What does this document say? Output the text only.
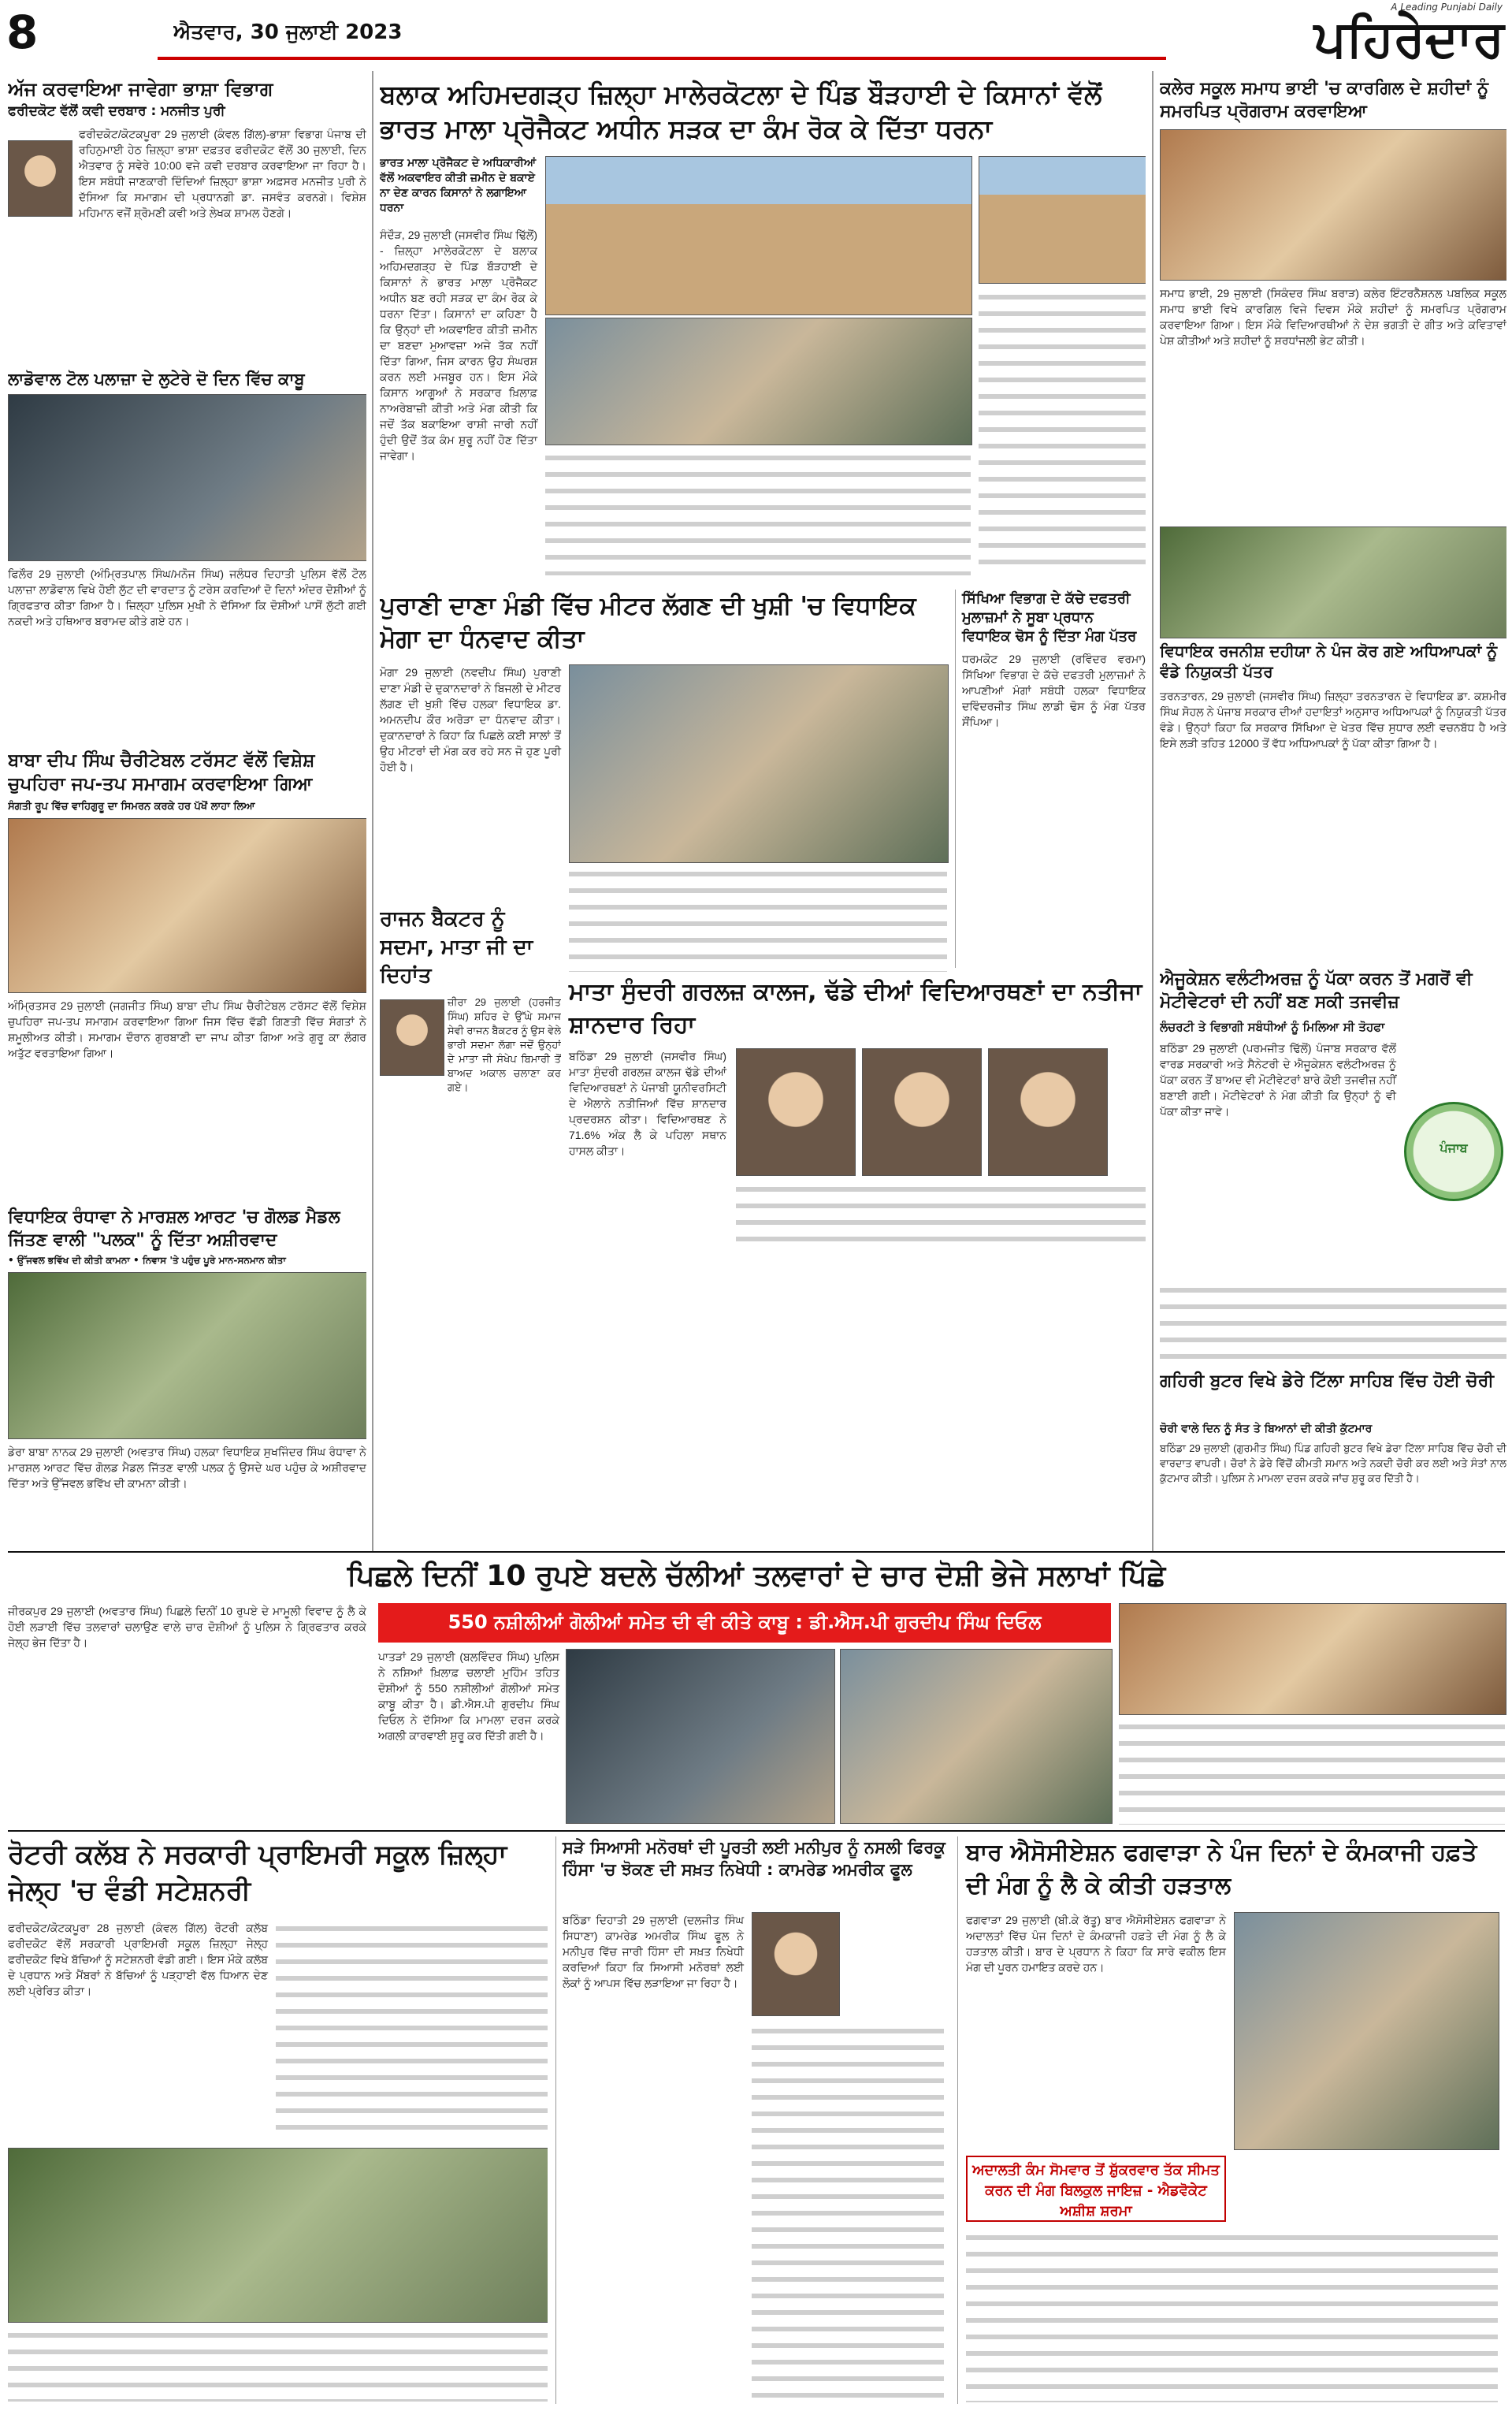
8	ਐਤਵਾਰ, 30 ਜੁਲਾਈ 2023
A Leading Punjabi Daily
ਪਹਿਰੇਦਾਰ
ਅੱਜ ਕਰਵਾਇਆ ਜਾਵੇਗਾ ਭਾਸ਼ਾ ਵਿਭਾਗ
ਫਰੀਦਕੋਟ ਵੱਲੋਂ ਕਵੀ ਦਰਬਾਰ : ਮਨਜੀਤ ਪੁਰੀ
ਫਰੀਦਕੋਟ/ਕੋਟਕਪੂਰਾ 29 ਜੁਲਾਈ (ਕੰਵਲ ਗਿੱਲ)-ਭਾਸ਼ਾ ਵਿਭਾਗ ਪੰਜਾਬ ਦੀ ਰਹਿਨੁਮਾਈ ਹੇਠ ਜ਼ਿਲ੍ਹਾ ਭਾਸ਼ਾ ਦਫ਼ਤਰ ਫਰੀਦਕੋਟ ਵੱਲੋਂ 30 ਜੁਲਾਈ, ਦਿਨ ਐਤਵਾਰ ਨੂੰ ਸਵੇਰੇ 10:00 ਵਜੇ ਕਵੀ ਦਰਬਾਰ ਕਰਵਾਇਆ ਜਾ ਰਿਹਾ ਹੈ। ਇਸ ਸਬੰਧੀ ਜਾਣਕਾਰੀ ਦਿੰਦਿਆਂ ਜ਼ਿਲ੍ਹਾ ਭਾਸ਼ਾ ਅਫ਼ਸਰ ਮਨਜੀਤ ਪੁਰੀ ਨੇ ਦੱਸਿਆ ਕਿ ਸਮਾਗਮ ਦੀ ਪ੍ਰਧਾਨਗੀ ਡਾ. ਜਸਵੰਤ ਕਰਨਗੇ। ਵਿਸ਼ੇਸ਼ ਮਹਿਮਾਨ ਵਜੋਂ ਸ਼੍ਰੋਮਣੀ ਕਵੀ ਅਤੇ ਲੇਖਕ ਸ਼ਾਮਲ ਹੋਣਗੇ।
ਲਾਡੋਵਾਲ ਟੋਲ ਪਲਾਜ਼ਾ ਦੇ ਲੁਟੇਰੇ ਦੋ ਦਿਨ ਵਿੱਚ ਕਾਬੂ
ਫਿਲੌਰ 29 ਜੁਲਾਈ (ਅੰਮ੍ਰਿਤਪਾਲ ਸਿੰਘ/ਮਨੋਜ ਸਿੰਘ) ਜਲੰਧਰ ਦਿਹਾਤੀ ਪੁਲਿਸ ਵੱਲੋਂ ਟੋਲ ਪਲਾਜ਼ਾ ਲਾਡੋਵਾਲ ਵਿਖੇ ਹੋਈ ਲੁੱਟ ਦੀ ਵਾਰਦਾਤ ਨੂੰ ਟਰੇਸ ਕਰਦਿਆਂ ਦੋ ਦਿਨਾਂ ਅੰਦਰ ਦੋਸ਼ੀਆਂ ਨੂੰ ਗ੍ਰਿਫਤਾਰ ਕੀਤਾ ਗਿਆ ਹੈ। ਜ਼ਿਲ੍ਹਾ ਪੁਲਿਸ ਮੁਖੀ ਨੇ ਦੱਸਿਆ ਕਿ ਦੋਸ਼ੀਆਂ ਪਾਸੋਂ ਲੁੱਟੀ ਗਈ ਨਕਦੀ ਅਤੇ ਹਥਿਆਰ ਬਰਾਮਦ ਕੀਤੇ ਗਏ ਹਨ।
ਬਾਬਾ ਦੀਪ ਸਿੰਘ ਚੈਰੀਟੇਬਲ ਟਰੱਸਟ ਵੱਲੋਂ ਵਿਸ਼ੇਸ਼ ਚੁਪਹਿਰਾ ਜਪ-ਤਪ ਸਮਾਗਮ ਕਰਵਾਇਆ ਗਿਆ
ਸੰਗਤੀ ਰੂਪ ਵਿੱਚ ਵਾਹਿਗੁਰੂ ਦਾ ਸਿਮਰਨ ਕਰਕੇ ਹਰ ਪੱਖੋਂ ਲਾਹਾ ਲਿਆ
ਅੰਮ੍ਰਿਤਸਰ 29 ਜੁਲਾਈ (ਜਗਜੀਤ ਸਿੰਘ) ਬਾਬਾ ਦੀਪ ਸਿੰਘ ਚੈਰੀਟੇਬਲ ਟਰੱਸਟ ਵੱਲੋਂ ਵਿਸ਼ੇਸ਼ ਚੁਪਹਿਰਾ ਜਪ-ਤਪ ਸਮਾਗਮ ਕਰਵਾਇਆ ਗਿਆ ਜਿਸ ਵਿੱਚ ਵੱਡੀ ਗਿਣਤੀ ਵਿੱਚ ਸੰਗਤਾਂ ਨੇ ਸ਼ਮੂਲੀਅਤ ਕੀਤੀ। ਸਮਾਗਮ ਦੌਰਾਨ ਗੁਰਬਾਣੀ ਦਾ ਜਾਪ ਕੀਤਾ ਗਿਆ ਅਤੇ ਗੁਰੂ ਕਾ ਲੰਗਰ ਅਤੁੱਟ ਵਰਤਾਇਆ ਗਿਆ।
ਵਿਧਾਇਕ ਰੰਧਾਵਾ ਨੇ ਮਾਰਸ਼ਲ ਆਰਟ 'ਚ ਗੋਲਡ ਮੈਡਲ ਜਿੱਤਣ ਵਾਲੀ "ਪਲਕ" ਨੂੰ ਦਿੱਤਾ ਅਸ਼ੀਰਵਾਦ
• ਉੱਜਵਲ ਭਵਿੱਖ ਦੀ ਕੀਤੀ ਕਾਮਨਾ • ਨਿਵਾਸ 'ਤੇ ਪਹੁੰਚ ਪੂਰੇ ਮਾਨ-ਸਨਮਾਨ ਕੀਤਾ
ਡੇਰਾ ਬਾਬਾ ਨਾਨਕ 29 ਜੁਲਾਈ (ਅਵਤਾਰ ਸਿੰਘ) ਹਲਕਾ ਵਿਧਾਇਕ ਸੁਖਜਿੰਦਰ ਸਿੰਘ ਰੰਧਾਵਾ ਨੇ ਮਾਰਸ਼ਲ ਆਰਟ ਵਿੱਚ ਗੋਲਡ ਮੈਡਲ ਜਿੱਤਣ ਵਾਲੀ ਪਲਕ ਨੂੰ ਉਸਦੇ ਘਰ ਪਹੁੰਚ ਕੇ ਅਸ਼ੀਰਵਾਦ ਦਿੱਤਾ ਅਤੇ ਉੱਜਵਲ ਭਵਿੱਖ ਦੀ ਕਾਮਨਾ ਕੀਤੀ।
ਬਲਾਕ ਅਹਿਮਦਗੜ੍ਹ ਜ਼ਿਲ੍ਹਾ ਮਾਲੇਰਕੋਟਲਾ ਦੇ ਪਿੰਡ ਬੌੜਹਾਈ ਦੇ ਕਿਸਾਨਾਂ ਵੱਲੋਂ ਭਾਰਤ ਮਾਲਾ ਪ੍ਰੋਜੈਕਟ ਅਧੀਨ ਸੜਕ ਦਾ ਕੰਮ ਰੋਕ ਕੇ ਦਿੱਤਾ ਧਰਨਾ
ਭਾਰਤ ਮਾਲਾ ਪ੍ਰੋਜੈਕਟ ਦੇ ਅਧਿਕਾਰੀਆਂ ਵੱਲੋਂ ਅਕਵਾਇਰ ਕੀਤੀ ਜ਼ਮੀਨ ਦੇ ਬਕਾਏ ਨਾ ਦੇਣ ਕਾਰਨ ਕਿਸਾਨਾਂ ਨੇ ਲਗਾਇਆ ਧਰਨਾ
ਸੰਦੌੜ, 29 ਜੁਲਾਈ (ਜਸਵੀਰ ਸਿੰਘ ਢਿੱਲੋਂ) - ਜ਼ਿਲ੍ਹਾ ਮਾਲੇਰਕੋਟਲਾ ਦੇ ਬਲਾਕ ਅਹਿਮਦਗੜ੍ਹ ਦੇ ਪਿੰਡ ਬੌੜਹਾਈ ਦੇ ਕਿਸਾਨਾਂ ਨੇ ਭਾਰਤ ਮਾਲਾ ਪ੍ਰੋਜੈਕਟ ਅਧੀਨ ਬਣ ਰਹੀ ਸੜਕ ਦਾ ਕੰਮ ਰੋਕ ਕੇ ਧਰਨਾ ਦਿੱਤਾ। ਕਿਸਾਨਾਂ ਦਾ ਕਹਿਣਾ ਹੈ ਕਿ ਉਨ੍ਹਾਂ ਦੀ ਅਕਵਾਇਰ ਕੀਤੀ ਜ਼ਮੀਨ ਦਾ ਬਣਦਾ ਮੁਆਵਜ਼ਾ ਅਜੇ ਤੱਕ ਨਹੀਂ ਦਿੱਤਾ ਗਿਆ, ਜਿਸ ਕਾਰਨ ਉਹ ਸੰਘਰਸ਼ ਕਰਨ ਲਈ ਮਜਬੂਰ ਹਨ। ਇਸ ਮੌਕੇ ਕਿਸਾਨ ਆਗੂਆਂ ਨੇ ਸਰਕਾਰ ਖ਼ਿਲਾਫ਼ ਨਾਅਰੇਬਾਜ਼ੀ ਕੀਤੀ ਅਤੇ ਮੰਗ ਕੀਤੀ ਕਿ ਜਦੋਂ ਤੱਕ ਬਕਾਇਆ ਰਾਸ਼ੀ ਜਾਰੀ ਨਹੀਂ ਹੁੰਦੀ ਉਦੋਂ ਤੱਕ ਕੰਮ ਸ਼ੁਰੂ ਨਹੀਂ ਹੋਣ ਦਿੱਤਾ ਜਾਵੇਗਾ।
ਪੁਰਾਣੀ ਦਾਣਾ ਮੰਡੀ ਵਿੱਚ ਮੀਟਰ ਲੱਗਣ ਦੀ ਖੁਸ਼ੀ 'ਚ ਵਿਧਾਇਕ ਮੋਗਾ ਦਾ ਧੰਨਵਾਦ ਕੀਤਾ
ਮੋਗਾ 29 ਜੁਲਾਈ (ਨਵਦੀਪ ਸਿੰਘ) ਪੁਰਾਣੀ ਦਾਣਾ ਮੰਡੀ ਦੇ ਦੁਕਾਨਦਾਰਾਂ ਨੇ ਬਿਜਲੀ ਦੇ ਮੀਟਰ ਲੱਗਣ ਦੀ ਖੁਸ਼ੀ ਵਿੱਚ ਹਲਕਾ ਵਿਧਾਇਕ ਡਾ. ਅਮਨਦੀਪ ਕੌਰ ਅਰੋੜਾ ਦਾ ਧੰਨਵਾਦ ਕੀਤਾ। ਦੁਕਾਨਦਾਰਾਂ ਨੇ ਕਿਹਾ ਕਿ ਪਿਛਲੇ ਕਈ ਸਾਲਾਂ ਤੋਂ ਉਹ ਮੀਟਰਾਂ ਦੀ ਮੰਗ ਕਰ ਰਹੇ ਸਨ ਜੋ ਹੁਣ ਪੂਰੀ ਹੋਈ ਹੈ।
ਸਿੱਖਿਆ ਵਿਭਾਗ ਦੇ ਕੱਚੇ ਦਫਤਰੀ ਮੁਲਾਜ਼ਮਾਂ ਨੇ ਸੂਬਾ ਪ੍ਰਧਾਨ ਵਿਧਾਇਕ ਢੋਸ ਨੂੰ ਦਿੱਤਾ ਮੰਗ ਪੱਤਰ
ਧਰਮਕੋਟ 29 ਜੁਲਾਈ (ਰਵਿੰਦਰ ਵਰਮਾ) ਸਿੱਖਿਆ ਵਿਭਾਗ ਦੇ ਕੱਚੇ ਦਫਤਰੀ ਮੁਲਾਜ਼ਮਾਂ ਨੇ ਆਪਣੀਆਂ ਮੰਗਾਂ ਸਬੰਧੀ ਹਲਕਾ ਵਿਧਾਇਕ ਦਵਿੰਦਰਜੀਤ ਸਿੰਘ ਲਾਡੀ ਢੋਸ ਨੂੰ ਮੰਗ ਪੱਤਰ ਸੌਂਪਿਆ।
ਰਾਜਨ ਬੈਕਟਰ ਨੂੰ ਸਦਮਾ, ਮਾਤਾ ਜੀ ਦਾ ਦਿਹਾਂਤ
ਜ਼ੀਰਾ 29 ਜੁਲਾਈ (ਹਰਜੀਤ ਸਿੰਘ) ਸ਼ਹਿਰ ਦੇ ਉੱਘੇ ਸਮਾਜ ਸੇਵੀ ਰਾਜਨ ਬੈਕਟਰ ਨੂੰ ਉਸ ਵੇਲੇ ਭਾਰੀ ਸਦਮਾ ਲੱਗਾ ਜਦੋਂ ਉਨ੍ਹਾਂ ਦੇ ਮਾਤਾ ਜੀ ਸੰਖੇਪ ਬਿਮਾਰੀ ਤੋਂ ਬਾਅਦ ਅਕਾਲ ਚਲਾਣਾ ਕਰ ਗਏ।
ਮਾਤਾ ਸੁੰਦਰੀ ਗਰਲਜ਼ ਕਾਲਜ, ਢੱਡੇ ਦੀਆਂ ਵਿਦਿਆਰਥਣਾਂ ਦਾ ਨਤੀਜਾ ਸ਼ਾਨਦਾਰ ਰਿਹਾ
ਬਠਿੰਡਾ 29 ਜੁਲਾਈ (ਜਸਵੀਰ ਸਿੰਘ) ਮਾਤਾ ਸੁੰਦਰੀ ਗਰਲਜ਼ ਕਾਲਜ ਢੱਡੇ ਦੀਆਂ ਵਿਦਿਆਰਥਣਾਂ ਨੇ ਪੰਜਾਬੀ ਯੂਨੀਵਰਸਿਟੀ ਦੇ ਐਲਾਨੇ ਨਤੀਜਿਆਂ ਵਿੱਚ ਸ਼ਾਨਦਾਰ ਪ੍ਰਦਰਸ਼ਨ ਕੀਤਾ। ਵਿਦਿਆਰਥਣ ਨੇ 71.6% ਅੰਕ ਲੈ ਕੇ ਪਹਿਲਾ ਸਥਾਨ ਹਾਸਲ ਕੀਤਾ।
ਕਲੇਰ ਸਕੂਲ ਸਮਾਧ ਭਾਈ 'ਚ ਕਾਰਗਿਲ ਦੇ ਸ਼ਹੀਦਾਂ ਨੂੰ ਸਮਰਪਿਤ ਪ੍ਰੋਗਰਾਮ ਕਰਵਾਇਆ
ਸਮਾਧ ਭਾਈ, 29 ਜੁਲਾਈ (ਸਿਕੰਦਰ ਸਿੰਘ ਬਰਾੜ) ਕਲੇਰ ਇੰਟਰਨੈਸ਼ਨਲ ਪਬਲਿਕ ਸਕੂਲ ਸਮਾਧ ਭਾਈ ਵਿਖੇ ਕਾਰਗਿਲ ਵਿਜੇ ਦਿਵਸ ਮੌਕੇ ਸ਼ਹੀਦਾਂ ਨੂੰ ਸਮਰਪਿਤ ਪ੍ਰੋਗਰਾਮ ਕਰਵਾਇਆ ਗਿਆ। ਇਸ ਮੌਕੇ ਵਿਦਿਆਰਥੀਆਂ ਨੇ ਦੇਸ਼ ਭਗਤੀ ਦੇ ਗੀਤ ਅਤੇ ਕਵਿਤਾਵਾਂ ਪੇਸ਼ ਕੀਤੀਆਂ ਅਤੇ ਸ਼ਹੀਦਾਂ ਨੂੰ ਸ਼ਰਧਾਂਜਲੀ ਭੇਟ ਕੀਤੀ।
ਵਿਧਾਇਕ ਰਜਨੀਸ਼ ਦਹੀਯਾ ਨੇ ਪੰਜ ਕੋਰ ਗਏ ਅਧਿਆਪਕਾਂ ਨੂੰ ਵੰਡੇ ਨਿਯੁਕਤੀ ਪੱਤਰ
ਤਰਨਤਾਰਨ, 29 ਜੁਲਾਈ (ਜਸਵੀਰ ਸਿੰਘ) ਜ਼ਿਲ੍ਹਾ ਤਰਨਤਾਰਨ ਦੇ ਵਿਧਾਇਕ ਡਾ. ਕਸ਼ਮੀਰ ਸਿੰਘ ਸੋਹਲ ਨੇ ਪੰਜਾਬ ਸਰਕਾਰ ਦੀਆਂ ਹਦਾਇਤਾਂ ਅਨੁਸਾਰ ਅਧਿਆਪਕਾਂ ਨੂੰ ਨਿਯੁਕਤੀ ਪੱਤਰ ਵੰਡੇ। ਉਨ੍ਹਾਂ ਕਿਹਾ ਕਿ ਸਰਕਾਰ ਸਿੱਖਿਆ ਦੇ ਖੇਤਰ ਵਿੱਚ ਸੁਧਾਰ ਲਈ ਵਚਨਬੱਧ ਹੈ ਅਤੇ ਇਸੇ ਲੜੀ ਤਹਿਤ 12000 ਤੋਂ ਵੱਧ ਅਧਿਆਪਕਾਂ ਨੂੰ ਪੱਕਾ ਕੀਤਾ ਗਿਆ ਹੈ।
ਐਜੂਕੇਸ਼ਨ ਵਲੰਟੀਅਰਜ਼ ਨੂੰ ਪੱਕਾ ਕਰਨ ਤੋਂ ਮਗਰੋਂ ਵੀ ਮੋਟੀਵੇਟਰਾਂ ਦੀ ਨਹੀਂ ਬਣ ਸਕੀ ਤਜਵੀਜ਼
ਲੰਚਰਟੀ ਤੇ ਵਿਭਾਗੀ ਸਬੰਧੀਆਂ ਨੂੰ ਮਿਲਿਆ ਸੀ ਤੋਹਫਾ
ਬਠਿੰਡਾ 29 ਜੁਲਾਈ (ਪਰਮਜੀਤ ਢਿੱਲੋਂ) ਪੰਜਾਬ ਸਰਕਾਰ ਵੱਲੋਂ ਵਾਰਡ ਸਰਕਾਰੀ ਅਤੇ ਸੈਨੇਟਰੀ ਦੇ ਐਜੂਕੇਸ਼ਨ ਵਲੰਟੀਅਰਜ਼ ਨੂੰ ਪੱਕਾ ਕਰਨ ਤੋਂ ਬਾਅਦ ਵੀ ਮੋਟੀਵੇਟਰਾਂ ਬਾਰੇ ਕੋਈ ਤਜਵੀਜ਼ ਨਹੀਂ ਬਣਾਈ ਗਈ। ਮੋਟੀਵੇਟਰਾਂ ਨੇ ਮੰਗ ਕੀਤੀ ਕਿ ਉਨ੍ਹਾਂ ਨੂੰ ਵੀ ਪੱਕਾ ਕੀਤਾ ਜਾਵੇ।
ਪੰਜਾਬ
ਗਹਿਰੀ ਬੁਟਰ ਵਿਖੇ ਡੇਰੇ ਟਿੱਲਾ ਸਾਹਿਬ ਵਿੱਚ ਹੋਈ ਚੋਰੀ
ਚੋਰੀ ਵਾਲੇ ਦਿਨ ਨੂੰ ਸੰਤ ਤੇ ਬਿਆਨਾਂ ਦੀ ਕੀਤੀ ਕੁੱਟਮਾਰ
ਬਠਿੰਡਾ 29 ਜੁਲਾਈ (ਗੁਰਮੀਤ ਸਿੰਘ) ਪਿੰਡ ਗਹਿਰੀ ਬੁਟਰ ਵਿਖੇ ਡੇਰਾ ਟਿੱਲਾ ਸਾਹਿਬ ਵਿੱਚ ਚੋਰੀ ਦੀ ਵਾਰਦਾਤ ਵਾਪਰੀ। ਚੋਰਾਂ ਨੇ ਡੇਰੇ ਵਿੱਚੋਂ ਕੀਮਤੀ ਸਮਾਨ ਅਤੇ ਨਕਦੀ ਚੋਰੀ ਕਰ ਲਈ ਅਤੇ ਸੰਤਾਂ ਨਾਲ ਕੁੱਟਮਾਰ ਕੀਤੀ। ਪੁਲਿਸ ਨੇ ਮਾਮਲਾ ਦਰਜ ਕਰਕੇ ਜਾਂਚ ਸ਼ੁਰੂ ਕਰ ਦਿੱਤੀ ਹੈ।
ਪਿਛਲੇ ਦਿਨੀਂ 10 ਰੁਪਏ ਬਦਲੇ ਚੱਲੀਆਂ ਤਲਵਾਰਾਂ ਦੇ ਚਾਰ ਦੋਸ਼ੀ ਭੇਜੇ ਸਲਾਖਾਂ ਪਿੱਛੇ
ਜੀਰਕਪੁਰ 29 ਜੁਲਾਈ (ਅਵਤਾਰ ਸਿੰਘ) ਪਿਛਲੇ ਦਿਨੀਂ 10 ਰੁਪਏ ਦੇ ਮਾਮੂਲੀ ਵਿਵਾਦ ਨੂੰ ਲੈ ਕੇ ਹੋਈ ਲੜਾਈ ਵਿੱਚ ਤਲਵਾਰਾਂ ਚਲਾਉਣ ਵਾਲੇ ਚਾਰ ਦੋਸ਼ੀਆਂ ਨੂੰ ਪੁਲਿਸ ਨੇ ਗ੍ਰਿਫਤਾਰ ਕਰਕੇ ਜੇਲ੍ਹ ਭੇਜ ਦਿੱਤਾ ਹੈ।
550 ਨਸ਼ੀਲੀਆਂ ਗੋਲੀਆਂ ਸਮੇਤ ਦੀ ਵੀ ਕੀਤੇ ਕਾਬੂ : ਡੀ.ਐਸ.ਪੀ ਗੁਰਦੀਪ ਸਿੰਘ ਦਿਓਲ
ਪਾਤੜਾਂ 29 ਜੁਲਾਈ (ਬਲਵਿੰਦਰ ਸਿੰਘ) ਪੁਲਿਸ ਨੇ ਨਸ਼ਿਆਂ ਖ਼ਿਲਾਫ਼ ਚਲਾਈ ਮੁਹਿੰਮ ਤਹਿਤ ਦੋਸ਼ੀਆਂ ਨੂੰ 550 ਨਸ਼ੀਲੀਆਂ ਗੋਲੀਆਂ ਸਮੇਤ ਕਾਬੂ ਕੀਤਾ ਹੈ। ਡੀ.ਐਸ.ਪੀ ਗੁਰਦੀਪ ਸਿੰਘ ਦਿਓਲ ਨੇ ਦੱਸਿਆ ਕਿ ਮਾਮਲਾ ਦਰਜ ਕਰਕੇ ਅਗਲੀ ਕਾਰਵਾਈ ਸ਼ੁਰੂ ਕਰ ਦਿੱਤੀ ਗਈ ਹੈ।
ਰੋਟਰੀ ਕਲੱਬ ਨੇ ਸਰਕਾਰੀ ਪ੍ਰਾਇਮਰੀ ਸਕੂਲ ਜ਼ਿਲ੍ਹਾ ਜੇਲ੍ਹ 'ਚ ਵੰਡੀ ਸਟੇਸ਼ਨਰੀ
ਫਰੀਦਕੋਟ/ਕੋਟਕਪੂਰਾ 28 ਜੁਲਾਈ (ਕੰਵਲ ਗਿੱਲ) ਰੋਟਰੀ ਕਲੱਬ ਫਰੀਦਕੋਟ ਵੱਲੋਂ ਸਰਕਾਰੀ ਪ੍ਰਾਇਮਰੀ ਸਕੂਲ ਜ਼ਿਲ੍ਹਾ ਜੇਲ੍ਹ ਫਰੀਦਕੋਟ ਵਿਖੇ ਬੱਚਿਆਂ ਨੂੰ ਸਟੇਸ਼ਨਰੀ ਵੰਡੀ ਗਈ। ਇਸ ਮੌਕੇ ਕਲੱਬ ਦੇ ਪ੍ਰਧਾਨ ਅਤੇ ਮੈਂਬਰਾਂ ਨੇ ਬੱਚਿਆਂ ਨੂੰ ਪੜ੍ਹਾਈ ਵੱਲ ਧਿਆਨ ਦੇਣ ਲਈ ਪ੍ਰੇਰਿਤ ਕੀਤਾ।
ਸੜੇ ਸਿਆਸੀ ਮਨੋਰਥਾਂ ਦੀ ਪੂਰਤੀ ਲਈ ਮਨੀਪੁਰ ਨੂੰ ਨਸਲੀ ਫਿਰਕੂ ਹਿੰਸਾ 'ਚ ਝੋਕਣ ਦੀ ਸਖ਼ਤ ਨਿਖੇਧੀ : ਕਾਮਰੇਡ ਅਮਰੀਕ ਫੂਲ
ਬਠਿੰਡਾ ਦਿਹਾਤੀ 29 ਜੁਲਾਈ (ਦਲਜੀਤ ਸਿੰਘ ਸਿਧਾਣਾ) ਕਾਮਰੇਡ ਅਮਰੀਕ ਸਿੰਘ ਫੂਲ ਨੇ ਮਨੀਪੁਰ ਵਿੱਚ ਜਾਰੀ ਹਿੰਸਾ ਦੀ ਸਖ਼ਤ ਨਿਖੇਧੀ ਕਰਦਿਆਂ ਕਿਹਾ ਕਿ ਸਿਆਸੀ ਮਨੋਰਥਾਂ ਲਈ ਲੋਕਾਂ ਨੂੰ ਆਪਸ ਵਿੱਚ ਲੜਾਇਆ ਜਾ ਰਿਹਾ ਹੈ।
ਬਾਰ ਐਸੋਸੀਏਸ਼ਨ ਫਗਵਾੜਾ ਨੇ ਪੰਜ ਦਿਨਾਂ ਦੇ ਕੰਮਕਾਜੀ ਹਫ਼ਤੇ ਦੀ ਮੰਗ ਨੂੰ ਲੈ ਕੇ ਕੀਤੀ ਹੜਤਾਲ
ਫਗਵਾੜਾ 29 ਜੁਲਾਈ (ਬੀ.ਕੇ ਰੱਤੂ) ਬਾਰ ਐਸੋਸੀਏਸ਼ਨ ਫਗਵਾੜਾ ਨੇ ਅਦਾਲਤਾਂ ਵਿੱਚ ਪੰਜ ਦਿਨਾਂ ਦੇ ਕੰਮਕਾਜੀ ਹਫ਼ਤੇ ਦੀ ਮੰਗ ਨੂੰ ਲੈ ਕੇ ਹੜਤਾਲ ਕੀਤੀ। ਬਾਰ ਦੇ ਪ੍ਰਧਾਨ ਨੇ ਕਿਹਾ ਕਿ ਸਾਰੇ ਵਕੀਲ ਇਸ ਮੰਗ ਦੀ ਪੂਰਨ ਹਮਾਇਤ ਕਰਦੇ ਹਨ।
ਅਦਾਲਤੀ ਕੰਮ ਸੋਮਵਾਰ ਤੋਂ ਸ਼ੁੱਕਰਵਾਰ ਤੱਕ ਸੀਮਤ ਕਰਨ ਦੀ ਮੰਗ ਬਿਲਕੁਲ ਜਾਇਜ਼ - ਐਡਵੋਕੇਟ ਅਸ਼ੀਸ਼ ਸ਼ਰਮਾ
